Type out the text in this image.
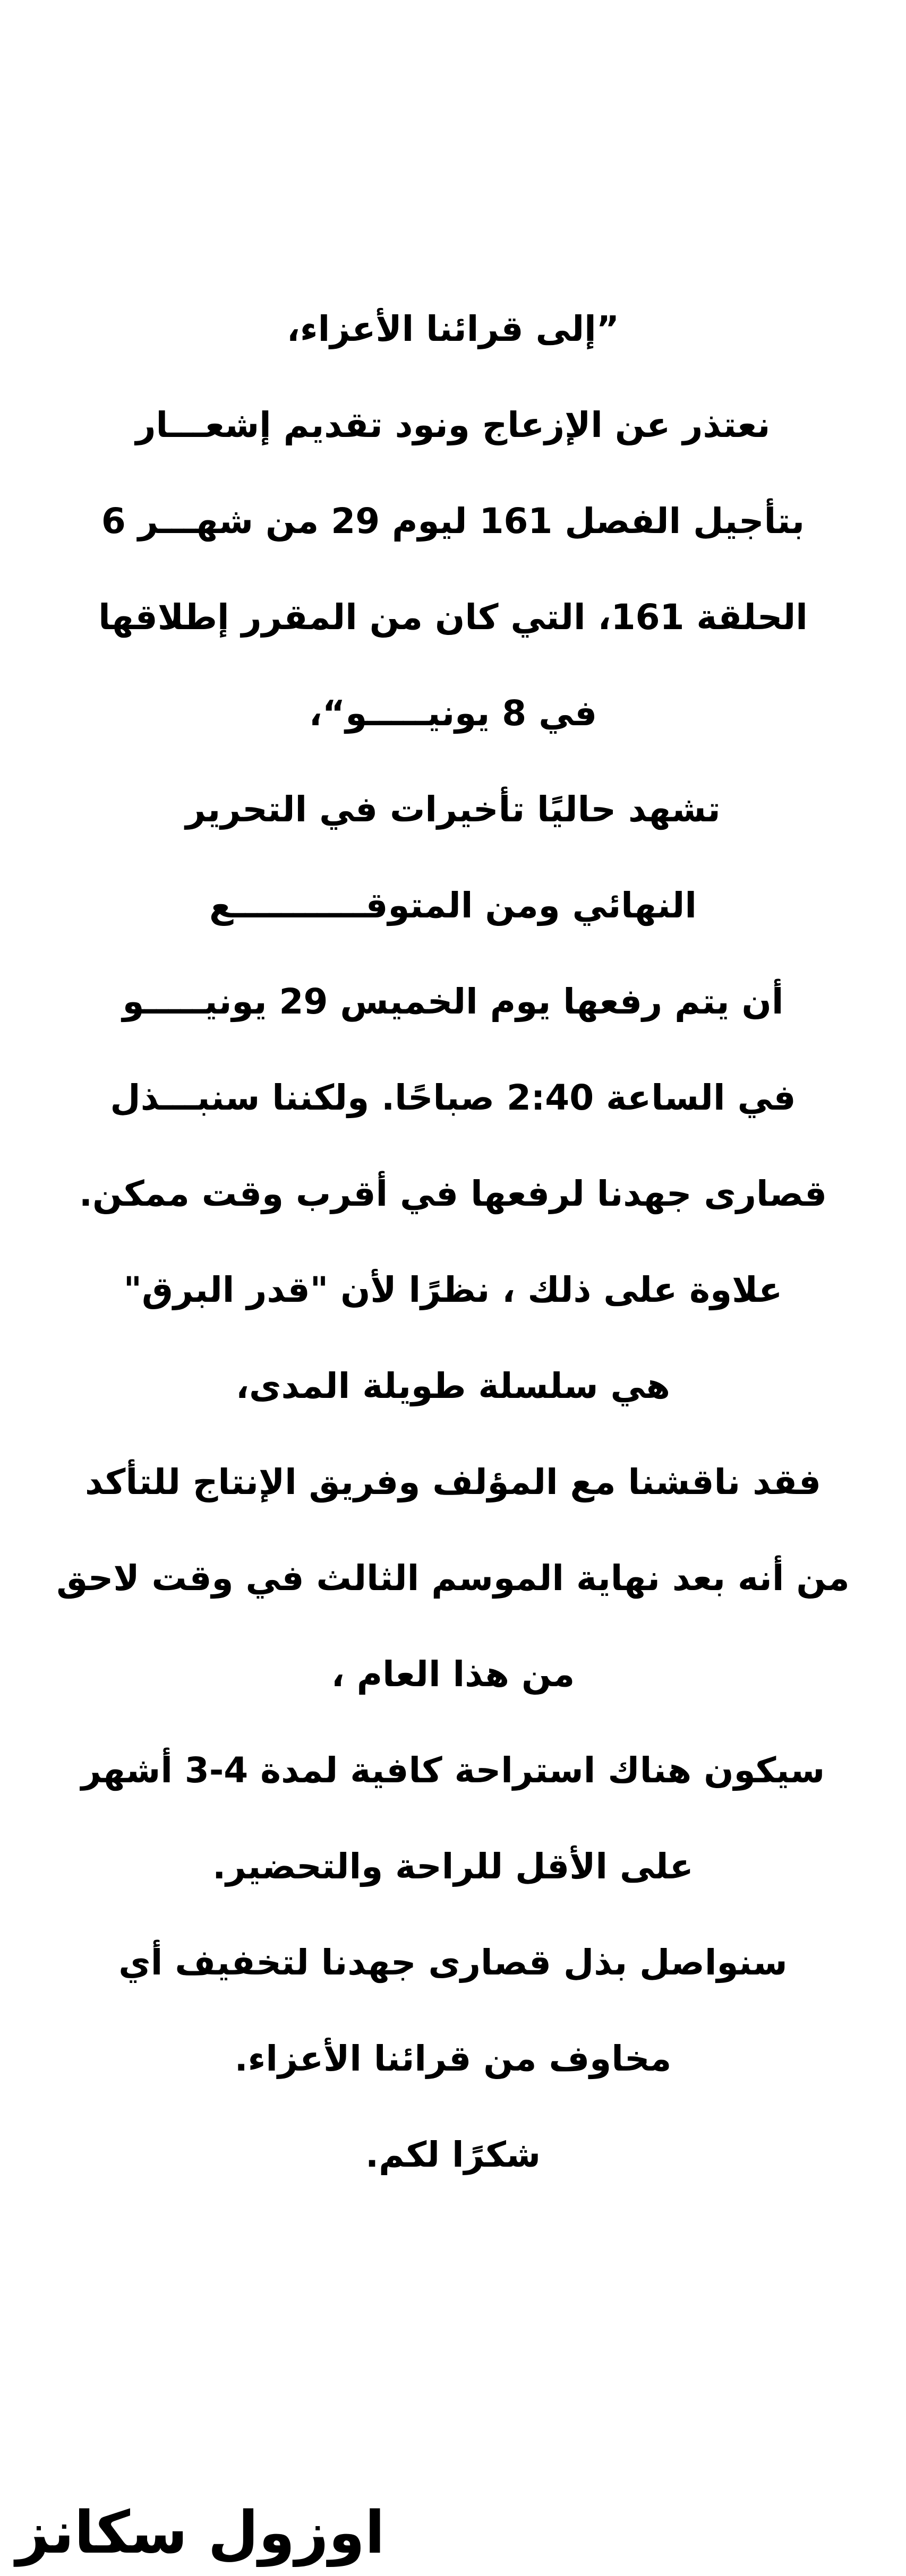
”إلى قرائنا الأعزاء،
نعتذر عن الإزعاج ونود تقديم إشعـــار
بتأجيل الفصل 161 ليوم 29 من شهـــر 6
الحلقة 161، التي كان من المقرر إطلاقها
في 8 يونيـــــو“،
تشهد حاليًا تأخيرات في التحرير
النهائي ومن المتوقـــــــــــع
أن يتم رفعها يوم الخميس 29 يونيـــــو
في الساعة 2:40 صباحًا. ولكننا سنبـــذل
قصارى جهدنا لرفعها في أقرب وقت ممكن.
علاوة على ذلك ، نظرًا لأن "قدر البرق"
هي سلسلة طويلة المدى،
فقد ناقشنا مع المؤلف وفريق الإنتاج للتأكد
من أنه بعد نهاية الموسم الثالث في وقت لاحق
من هذا العام ،
سيكون هناك استراحة كافية لمدة 4-3 أشهر
على الأقل للراحة والتحضير.
سنواصل بذل قصارى جهدنا لتخفيف أي
مخاوف من قرائنا الأعزاء.
شكرًا لكم.
اوزول سكانز
